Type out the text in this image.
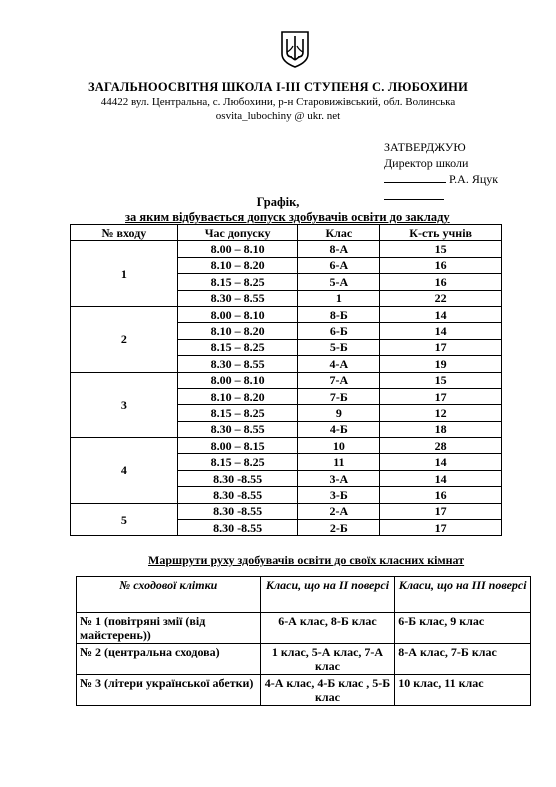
ЗАГАЛЬНООСВІТНЯ ШКОЛА І-ІІІ СТУПЕНЯ С. ЛЮБОХИНИ
44422 вул. Центральна, с. Любохини, р-н Старовижівський, обл. Волинська
osvita_lubochiny @ ukr. net
ЗАТВЕРДЖУЮ
Директор школи
Р.А. Яцук
Графік,
за яким відбувається допуск здобувачів освіти до закладу
№ входу	Час допуску	Клас	К-сть учнів
1	8.00 – 8.10	8-А	15
	8.10 – 8.20	6-А	16
	8.15 – 8.25	5-А	16
	8.30 – 8.55	1	22
2	8.00 – 8.10	8-Б	14
	8.10 – 8.20	6-Б	14
	8.15 – 8.25	5-Б	17
	8.30 – 8.55	4-А	19
3	8.00 – 8.10	7-А	15
	8.10 – 8.20	7-Б	17
	8.15 – 8.25	9	12
	8.30 – 8.55	4-Б	18
4	8.00 – 8.15	10	28
	8.15 – 8.25	11	14
	8.30 -8.55	3-А	14
	8.30 -8.55	3-Б	16
5	8.30 -8.55	2-А	17
	8.30 -8.55	2-Б	17
Маршрути руху здобувачів освіти до своїх класних кімнат
№ сходової клітки	Класи, що на ІІ поверсі	Класи, що на ІІІ поверсі
№ 1 (повітряні змії (від майстерень))	6-А клас, 8-Б клас	6-Б клас, 9 клас
№ 2 (центральна сходова)	1 клас, 5-А клас, 7-А клас	8-А клас, 7-Б клас
№ 3 (літери української абетки)	4-А клас, 4-Б клас , 5-Б клас	10 клас, 11 клас
